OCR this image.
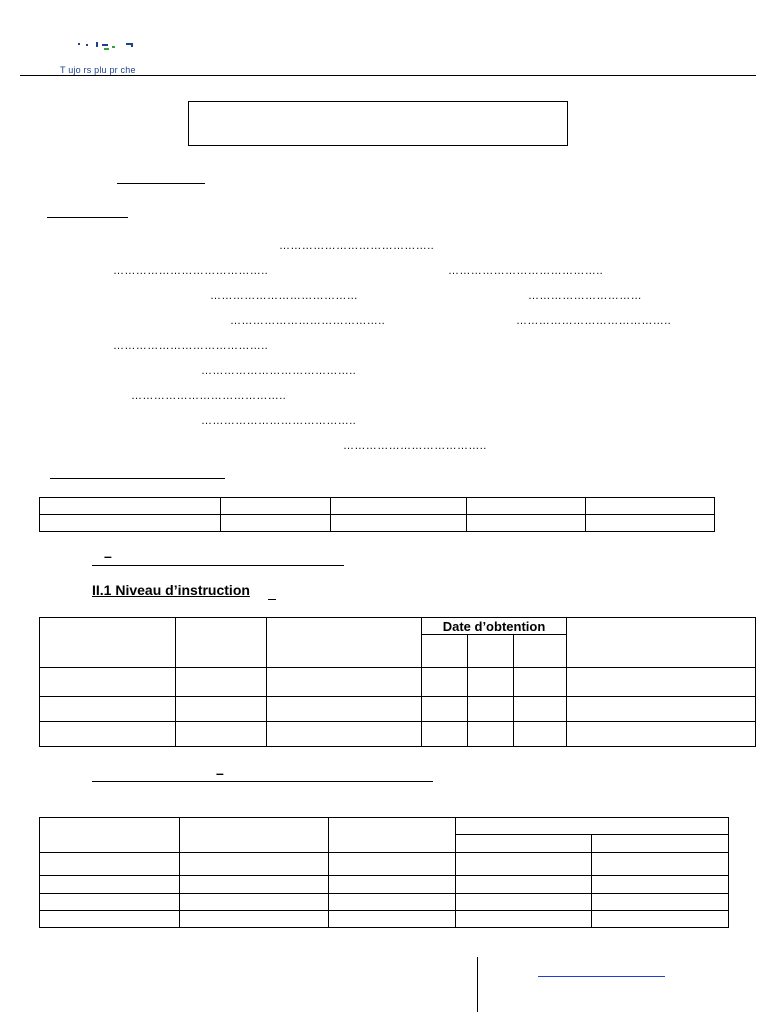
T ujo rs plu pr che
…………………………………..
…………………………………..	…………………………………..
…………………………………	…………………………
…………………………………..	…………………………………..
…………………………………..
…………………………………..
…………………………………..
…………………………………..
………………………………..

–
II.1 Niveau d’instruction
			Date d’obtention			

–
